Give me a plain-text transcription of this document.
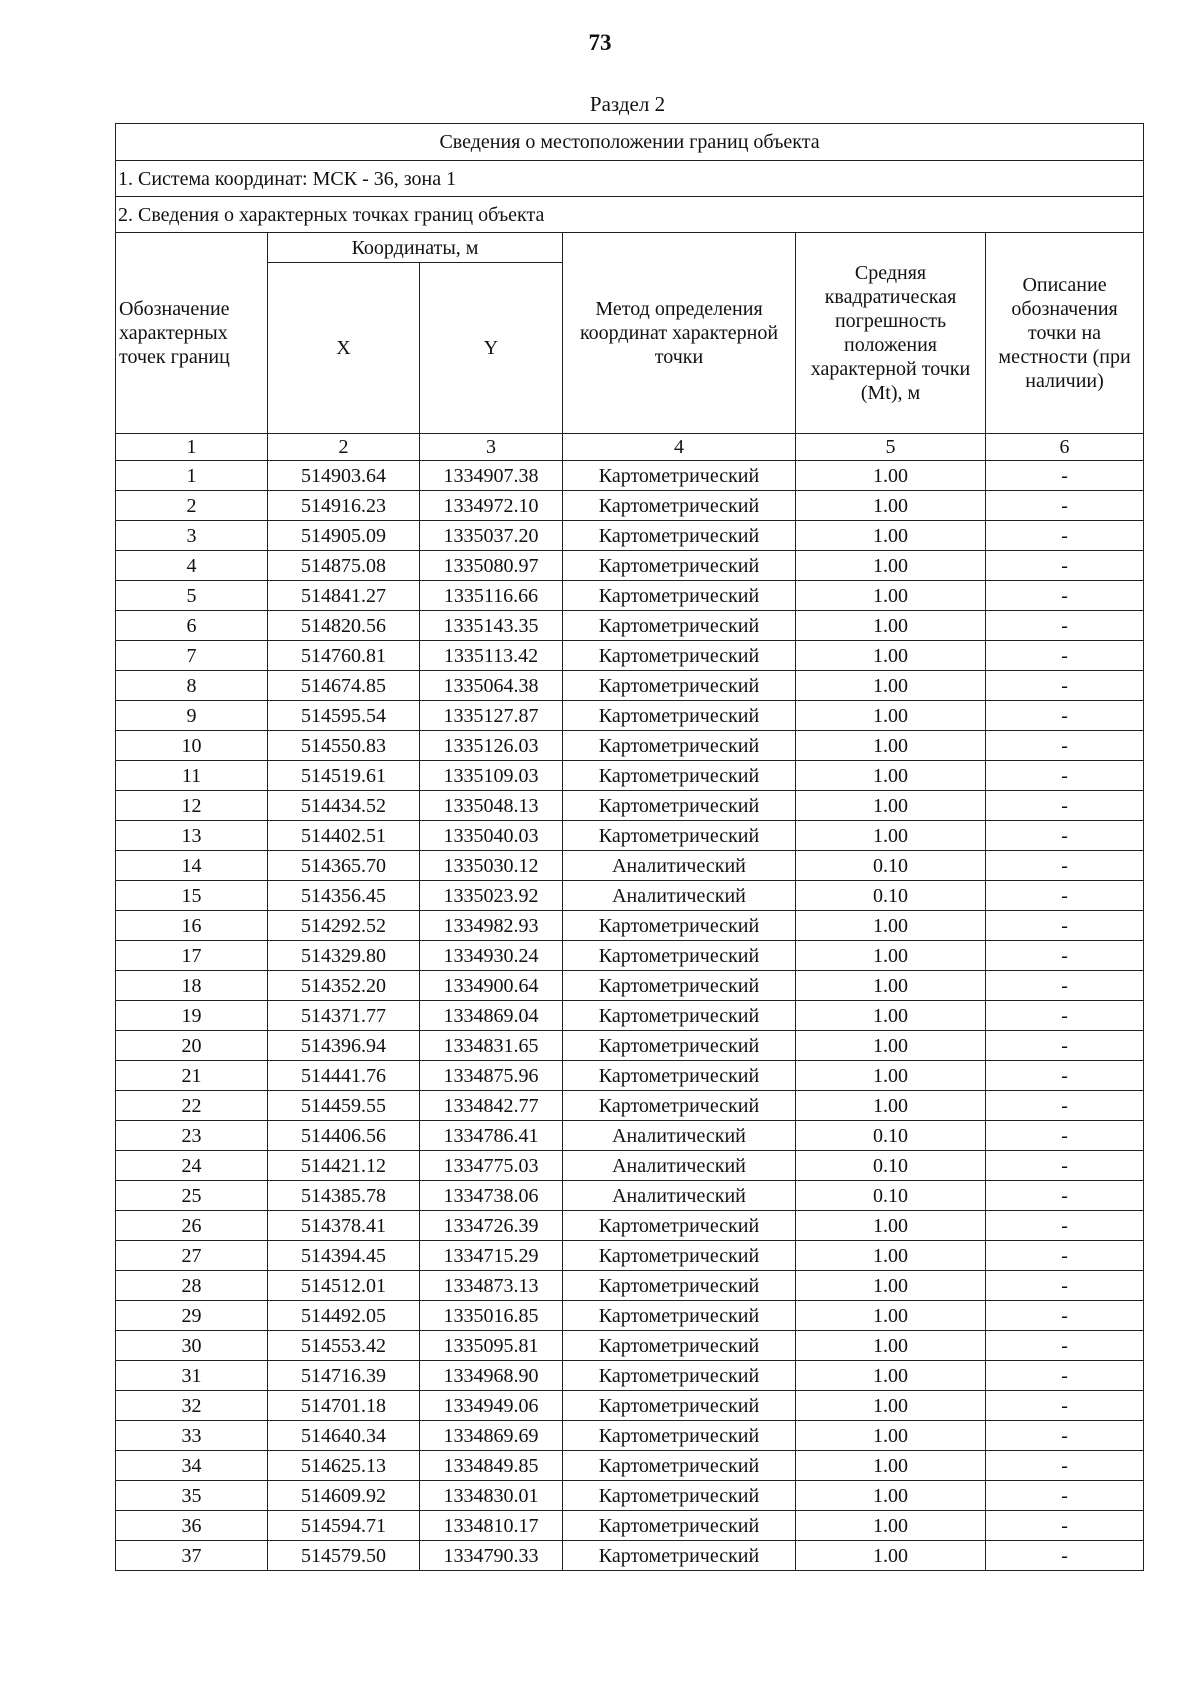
73
Раздел 2
Сведения о местоположении границ объекта					
1. Система координат: МСК - 36, зона 1					
2. Сведения о характерных точках границ объекта					
Обозначение характерных точек границ	Координаты, м		Метод определения координат характерной точки	Средняя квадратическая погрешность положения характерной точки (Mt), м	Описание обозначения точки на местности (при наличии)
	X	Y			
1	2	3	4	5	6
1	514903.64	1334907.38	Картометрический	1.00	-
2	514916.23	1334972.10	Картометрический	1.00	-
3	514905.09	1335037.20	Картометрический	1.00	-
4	514875.08	1335080.97	Картометрический	1.00	-
5	514841.27	1335116.66	Картометрический	1.00	-
6	514820.56	1335143.35	Картометрический	1.00	-
7	514760.81	1335113.42	Картометрический	1.00	-
8	514674.85	1335064.38	Картометрический	1.00	-
9	514595.54	1335127.87	Картометрический	1.00	-
10	514550.83	1335126.03	Картометрический	1.00	-
11	514519.61	1335109.03	Картометрический	1.00	-
12	514434.52	1335048.13	Картометрический	1.00	-
13	514402.51	1335040.03	Картометрический	1.00	-
14	514365.70	1335030.12	Аналитический	0.10	-
15	514356.45	1335023.92	Аналитический	0.10	-
16	514292.52	1334982.93	Картометрический	1.00	-
17	514329.80	1334930.24	Картометрический	1.00	-
18	514352.20	1334900.64	Картометрический	1.00	-
19	514371.77	1334869.04	Картометрический	1.00	-
20	514396.94	1334831.65	Картометрический	1.00	-
21	514441.76	1334875.96	Картометрический	1.00	-
22	514459.55	1334842.77	Картометрический	1.00	-
23	514406.56	1334786.41	Аналитический	0.10	-
24	514421.12	1334775.03	Аналитический	0.10	-
25	514385.78	1334738.06	Аналитический	0.10	-
26	514378.41	1334726.39	Картометрический	1.00	-
27	514394.45	1334715.29	Картометрический	1.00	-
28	514512.01	1334873.13	Картометрический	1.00	-
29	514492.05	1335016.85	Картометрический	1.00	-
30	514553.42	1335095.81	Картометрический	1.00	-
31	514716.39	1334968.90	Картометрический	1.00	-
32	514701.18	1334949.06	Картометрический	1.00	-
33	514640.34	1334869.69	Картометрический	1.00	-
34	514625.13	1334849.85	Картометрический	1.00	-
35	514609.92	1334830.01	Картометрический	1.00	-
36	514594.71	1334810.17	Картометрический	1.00	-
37	514579.50	1334790.33	Картометрический	1.00	-
